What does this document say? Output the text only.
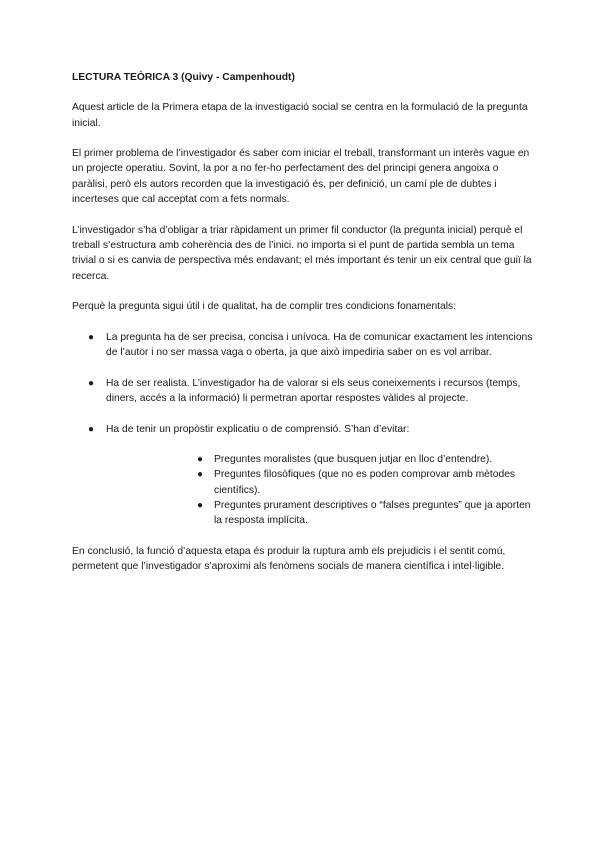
LECTURA TEÒRICA 3 (Quivy - Campenhoudt)

Aquest article de la Primera etapa de la investigació social se centra en la formulació de la pregunta inicial.

El primer problema de l’investigador és saber com iniciar el treball, transformant un interès vague en un projecte operatiu. Sovint, la por a no fer-ho perfectament des del principi genera angoixa o paràlisi, però els autors recorden que la investigació és, per definició, un camí ple de dubtes i incerteses que cal acceptat com a fets normals.

L’investigador s’ha d’obligar a triar ràpidament un primer fil conductor (la pregunta inicial) perquè el treball s’estructura amb coherència des de l’inici. no importa si el punt de partida sembla un tema trivial o si es canvia de perspectiva més endavant; el més important és tenir un eix central que guiï la recerca.

Perquè la pregunta sigui útil i de qualitat, ha de complir tres condicions fonamentals:

● La pregunta ha de ser precisa, concisa i unívoca. Ha de comunicar exactament les intencions de l’autor i no ser massa vaga o oberta, ja que això impediria saber on es vol arribar.
● Ha de ser realista. L’investigador ha de valorar si els seus coneixements i recursos (temps, diners, accés a la informació) li permetran aportar respostes vàlides al projecte.
● Ha de tenir un propòstir explicatiu o de comprensió. S’han d’evitar:
● Preguntes moralistes (que busquen jutjar en lloc d’entendre).
● Preguntes filosòfiques (que no es poden comprovar amb mètodes científics).
● Preguntes prurament descriptives o “falses preguntes” que ja aporten la resposta implícita.

En conclusió, la funció d’aquesta etapa és produir la ruptura amb els prejudicis i el sentit comú, permetent que l’investigador s’aproximi als fenòmens socials de manera científica i intel·ligible.
